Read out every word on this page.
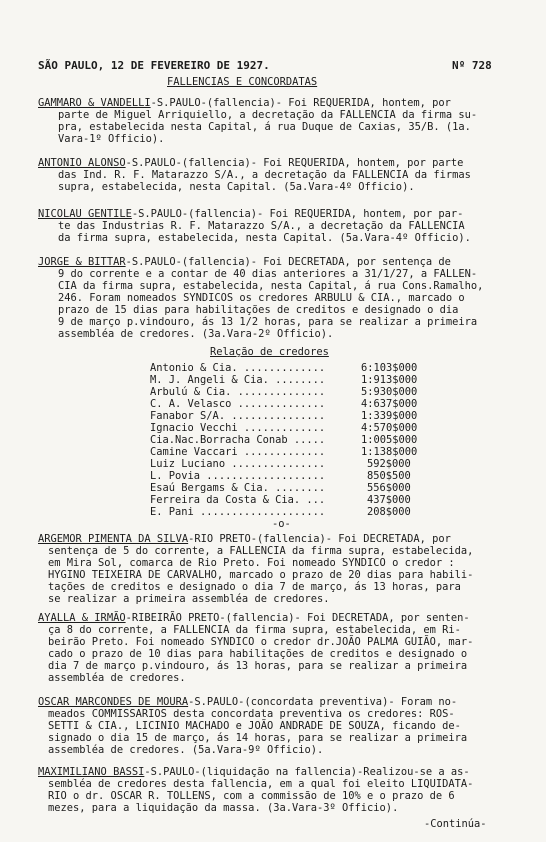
SÃO PAULO, 12 DE FEVEREIRO DE 1927.	Nº 728
FALLENCIAS E CONCORDATAS
GAMMARO & VANDELLI-S.PAULO-(fallencia)- Foi REQUERIDA, hontem, por
parte de Miguel Arriquiello, a decretação da FALLENCIA da firma su-
pra, estabelecida nesta Capital, á rua Duque de Caxias, 35/B. (1a.
Vara-1º Officio).
ANTONIO ALONSO-S.PAULO-(fallencia)- Foi REQUERIDA, hontem, por parte
das Ind. R. F. Matarazzo S/A., a decretação da FALLENCIA da firmas
supra, estabelecida, nesta Capital. (5a.Vara-4º Officio).
NICOLAU GENTILE-S.PAULO-(fallencia)- Foi REQUERIDA, hontem, por par-
te das Industrias R. F. Matarazzo S/A., a decretação da FALLENCIA
da firma supra, estabelecida, nesta Capital. (5a.Vara-4º Officio).
JORGE & BITTAR-S.PAULO-(fallencia)- Foi DECRETADA, por sentença de
9 do corrente e a contar de 40 dias anteriores a 31/1/27, a FALLEN-
CIA da firma supra, estabelecida, nesta Capital, á rua Cons.Ramalho,
246. Foram nomeados SYNDICOS os credores ARBULU & CIA., marcado o
prazo de 15 dias para habilitações de creditos e designado o dia
9 de março p.vindouro, ás 13 1/2 horas, para se realizar a primeira
assembléa de credores. (3a.Vara-2º Officio).
Relação de credores
Antonio & Cia. .............	6:103$000
M. J. Angeli & Cia. ........	1:913$000
Arbulú & Cia. ..............	5:930$000
C. A. Velasco ..............	4:637$000
Fanabor S/A. ...............	1:339$000
Ignacio Vecchi .............	4:570$000
Cia.Nac.Borracha Conab .....	1:005$000
Camine Vaccari .............	1:138$000
Luiz Luciano ...............	592$000
L. Povia ...................	850$500
Esaú Bergams & Cia. ........	556$000
Ferreira da Costa & Cia. ...	437$000
E. Pani ....................	208$000
-o-
ARGEMOR PIMENTA DA SILVA-RIO PRETO-(fallencia)- Foi DECRETADA, por
sentença de 5 do corrente, a FALLENCIA da firma supra, estabelecida,
em Mira Sol, comarca de Rio Preto. Foi nomeado SYNDICO o credor :
HYGINO TEIXEIRA DE CARVALHO, marcado o prazo de 20 dias para habili-
tações de creditos e designado o dia 7 de março, ás 13 horas, para
se realizar a primeira assembléa de credores.
AYALLA & IRMÃO-RIBEIRÃO PRETO-(fallencia)- Foi DECRETADA, por senten-
ça 8 do corrente, a FALLENCIA da firma supra, estabelecida, em Ri-
beirão Preto. Foi nomeado SYNDICO o credor dr.JOÃO PALMA GUIÃO, mar-
cado o prazo de 10 dias para habilitações de creditos e designado o
dia 7 de março p.vindouro, ás 13 horas, para se realizar a primeira
assembléa de credores.
OSCAR MARCONDES DE MOURA-S.PAULO-(concordata preventiva)- Foram no-
meados COMMISSARIOS desta concordata preventiva os credores: ROS-
SETTI & CIA., LICINIO MACHADO e JOÃO ANDRADE DE SOUZA, ficando de-
signado o dia 15 de março, ás 14 horas, para se realizar a primeira
assembléa de credores. (5a.Vara-9º Officio).
MAXIMILIANO BASSI-S.PAULO-(liquidação na fallencia)-Realizou-se a as-
sembléa de credores desta fallencia, em a qual foi eleito LIQUIDATA-
RIO o dr. OSCAR R. TOLLENS, com a commissão de 10% e o prazo de 6
mezes, para a liquidação da massa. (3a.Vara-3º Officio).
-Continúa-
